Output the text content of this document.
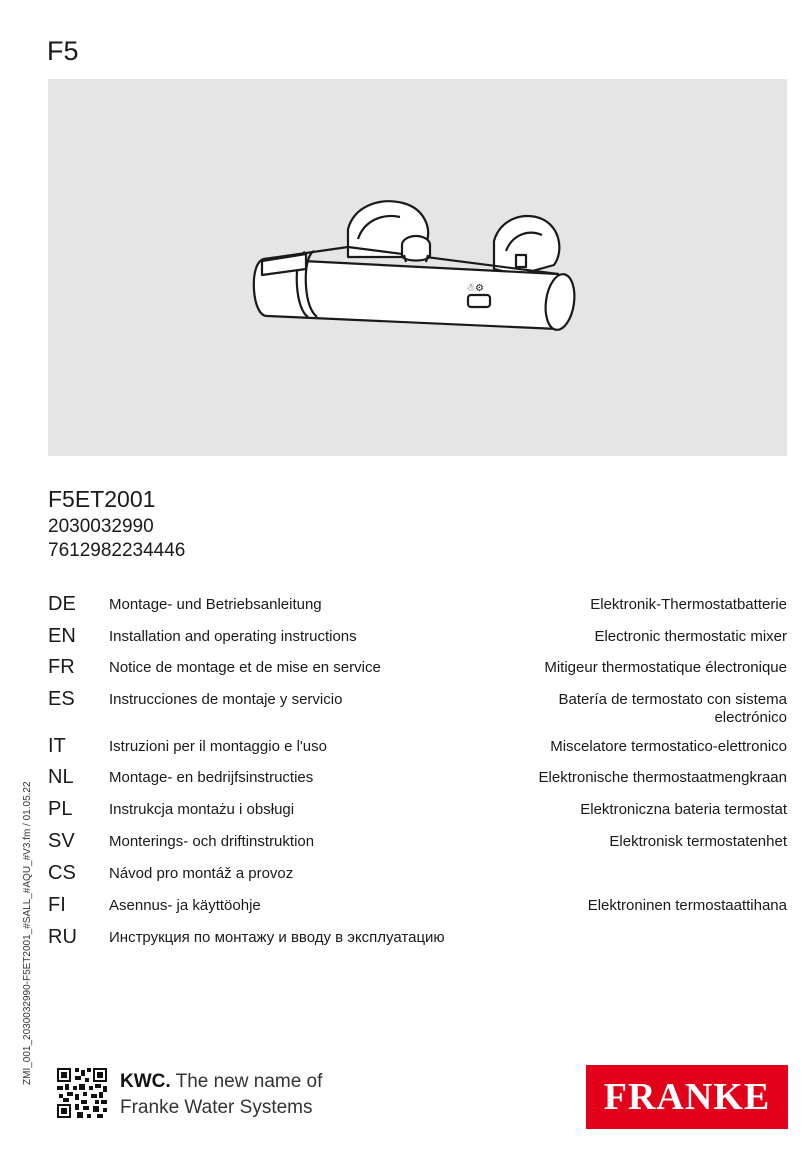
F5
☃⚙
F5ET2001
2030032990
7612982234446
DE Montage- und Betriebsanleitung	Elektronik-Thermostatbatterie
EN Installation and operating instructions	Electronic thermostatic mixer
FR Notice de montage et de mise en service	Mitigeur thermostatique électronique
ES Instrucciones de montaje y servicio	Batería de termostato con sistema electrónico
IT	Istruzioni per il montaggio e l'uso	Miscelatore termostatico-elettronico
NL Montage- en bedrijfsinstructies	Elektronische thermostaatmengkraan
PL Instrukcja montażu i obsługi	Elektroniczna bateria termostat
SV Monterings- och driftinstruktion	Elektronisk termostatenhet
CS Návod pro montáž a provoz
FI	Asennus- ja käyttöohje	Elektroninen termostaattihana
RU Инструкция по монтажу и вводу в эксплуатацию
ZMI_001_2030032990-F5ET2001_#SALL_#AQU_#V3.fm / 01.05.22	KWC. The new name of
Franke Water Systems	FRANKE
